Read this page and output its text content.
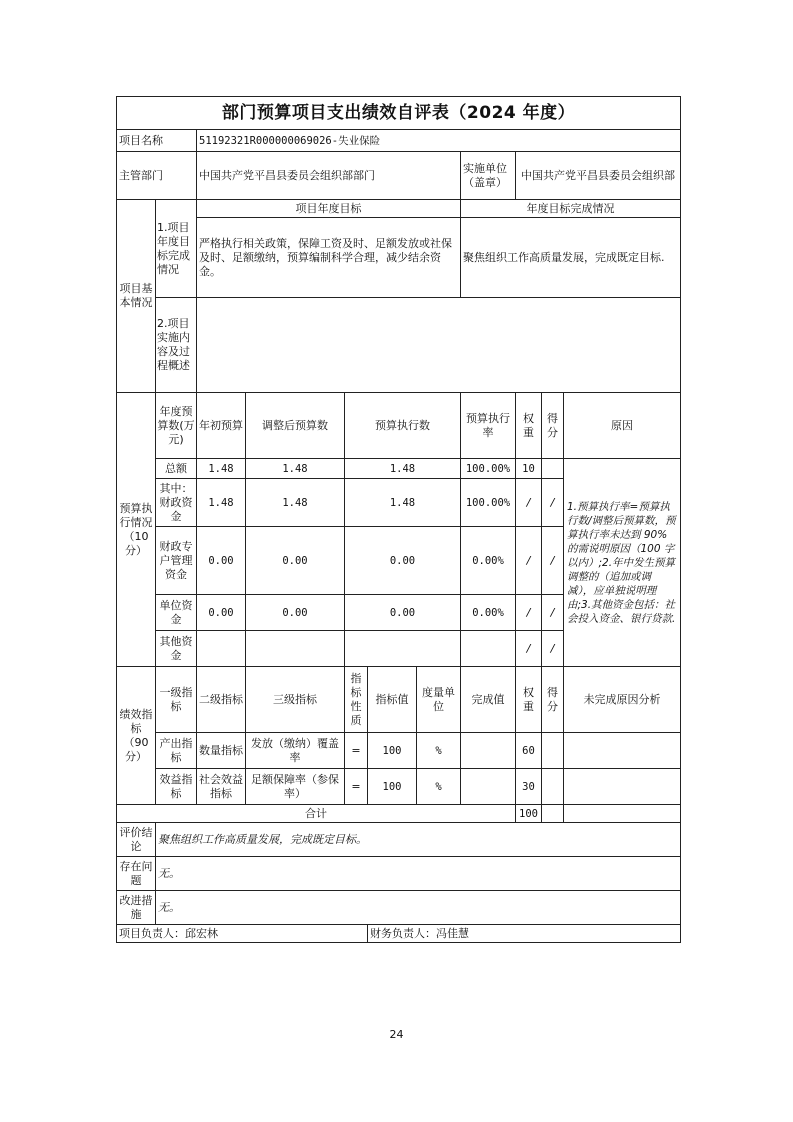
部门预算项目支出绩效自评表（2024 年度）										
项目名称		51192321R000000069026-失业保险								
主管部门		中国共产党平昌县委员会组织部部门					实施单位 （盖章）	中国共产党平昌县委员会组织部		
项目基本情况	1.项目年度目标完成情况	项目年度目标					年度目标完成情况			
		严格执行相关政策，保障工资及时、足额发放或社保及时、足额缴纳，预算编制科学合理，减少结余资金。					聚焦组织工作高质量发展，完成既定目标.			
	2.项目实施内容及过程概述									
预算执行情况（10分）	年度预算数(万元)	年初预算	调整后预算数	预算执行数			预算执行率	权重	得分	原因
	总额	1.48	1.48	1.48			100.00%	10		1.预算执行率=预算执行数/调整后预算数，预算执行率未达到 90%的需说明原因（100 字以内）;2.年中发生预算调整的（追加或调减），应单独说明理由;3.其他资金包括：社会投入资金、银行贷款.
	其中：财政资金	1.48	1.48	1.48			100.00%	/	/	
	财政专户管理资金	0.00	0.00	0.00			0.00%	/	/	
	单位资金	0.00	0.00	0.00			0.00%	/	/	
	其他资金							/	/	
绩效指标（90分）	一级指标	二级指标	三级指标	指标性质	指标值	度量单位	完成值	权重	得分	未完成原因分析
	产出指标	数量指标	发放（缴纳）覆盖率	=	100	%		60		
	效益指标	社会效益指标	足额保障率（参保率）	=	100	%		30		
合计								100		
评价结论	聚焦组织工作高质量发展，完成既定目标。									
存在问题	无。									
改进措施	无。									
项目负责人：邱宏林					财务负责人：冯佳慧					
24
